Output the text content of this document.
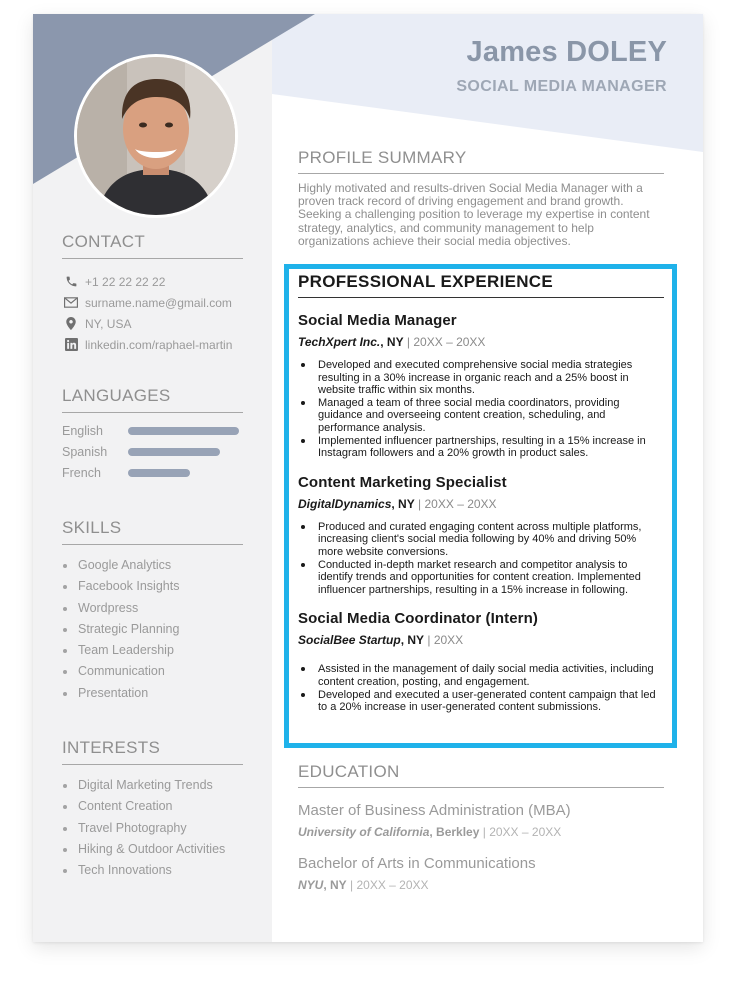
James DOLEY
SOCIAL MEDIA MANAGER
CONTACT
+1 22 22 22 22
surname.name@gmail.com
NY, USA
linkedin.com/raphael-martin
LANGUAGES
English
Spanish
French
SKILLS
Google Analytics
Facebook Insights
Wordpress
Strategic Planning
Team Leadership
Communication
Presentation
INTERESTS
Digital Marketing Trends
Content Creation
Travel Photography
Hiking & Outdoor Activities
Tech Innovations
PROFILE SUMMARY

Highly motivated and results-driven Social Media Manager with a proven track record of driving engagement and brand growth. Seeking a challenging position to leverage my expertise in content strategy, analytics, and community management to help organizations achieve their social media objectives.

PROFESSIONAL EXPERIENCE

Social Media Manager

TechXpert Inc., NY | 20XX – 20XX

Developed and executed comprehensive social media strategies resulting in a 30% increase in organic reach and a 25% boost in website traffic within six months.
Managed a team of three social media coordinators, providing guidance and overseeing content creation, scheduling, and performance analysis.
Implemented influencer partnerships, resulting in a 15% increase in Instagram followers and a 20% growth in product sales.

Content Marketing Specialist

DigitalDynamics, NY | 20XX – 20XX

Produced and curated engaging content across multiple platforms, increasing client's social media following by 40% and driving 50% more website conversions.
Conducted in-depth market research and competitor analysis to identify trends and opportunities for content creation. Implemented influencer partnerships, resulting in a 15% increase in following.

Social Media Coordinator (Intern)

SocialBee Startup, NY | 20XX

Assisted in the management of daily social media activities, including content creation, posting, and engagement.
Developed and executed a user-generated content campaign that led to a 20% increase in user-generated content submissions.
EDUCATION

Master of Business Administration (MBA)

University of California, Berkley | 20XX – 20XX

Bachelor of Arts in Communications

NYU, NY | 20XX – 20XX
